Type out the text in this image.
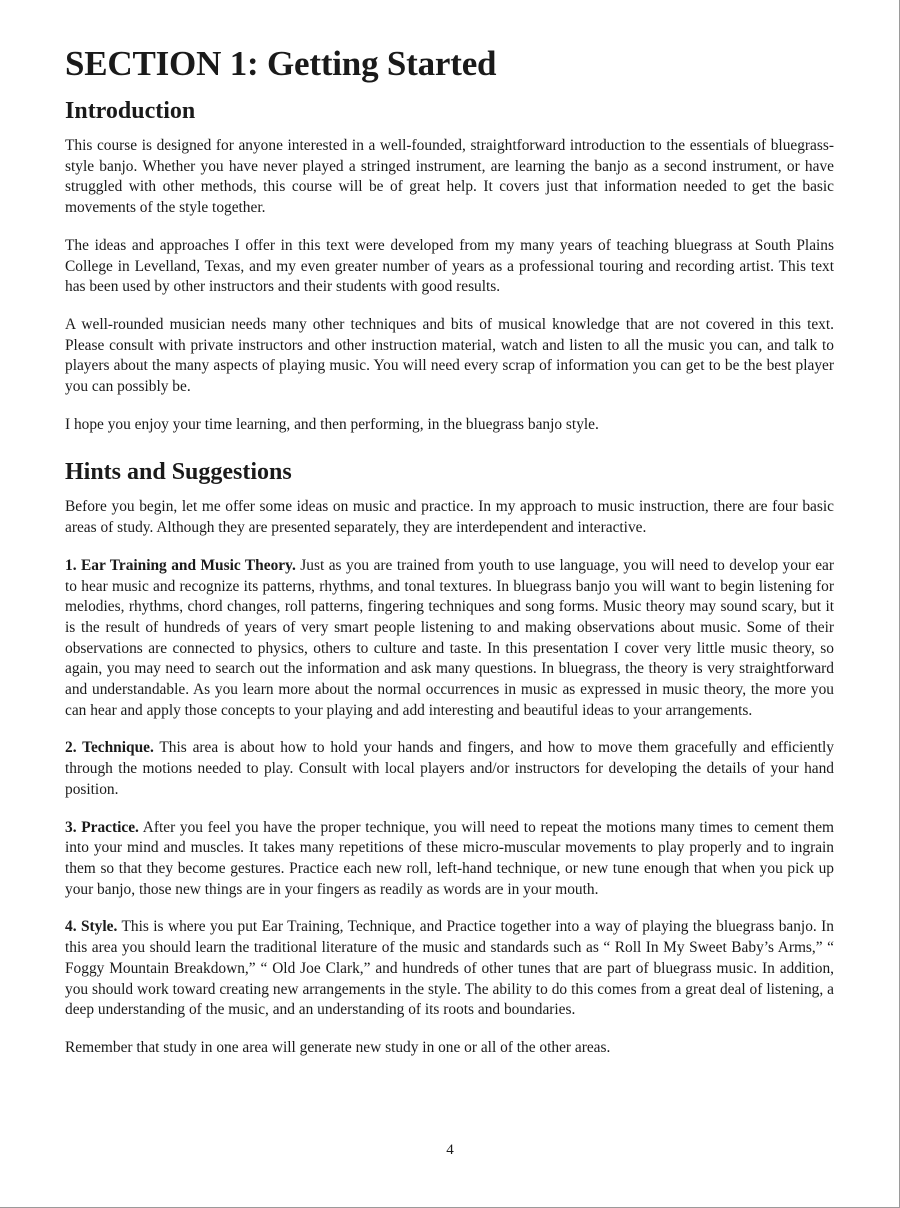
SECTION 1: Getting Started
Introduction

This course is designed for anyone interested in a well-founded, straightforward introduction to the essentials of bluegrass-style banjo. Whether you have never played a stringed instrument, are learning the banjo as a second instrument, or have struggled with other methods, this course will be of great help. It covers just that information needed to get the basic movements of the style together.

The ideas and approaches I offer in this text were developed from my many years of teaching bluegrass at South Plains College in Levelland, Texas, and my even greater number of years as a professional touring and recording artist. This text has been used by other instructors and their students with good results.

A well-rounded musician needs many other techniques and bits of musical knowledge that are not covered in this text. Please consult with private instructors and other instruction material, watch and listen to all the music you can, and talk to players about the many aspects of playing music. You will need every scrap of information you can get to be the best player you can possibly be.

I hope you enjoy your time learning, and then performing, in the bluegrass banjo style.

Hints and Suggestions

Before you begin, let me offer some ideas on music and practice. In my approach to music instruction, there are four basic areas of study. Although they are presented separately, they are interdependent and interactive.

1. Ear Training and Music Theory. Just as you are trained from youth to use language, you will need to develop your ear to hear music and recognize its patterns, rhythms, and tonal textures. In bluegrass banjo you will want to begin listening for melodies, rhythms, chord changes, roll patterns, fingering techniques and song forms. Music theory may sound scary, but it is the result of hundreds of years of very smart people listening to and making observations about music. Some of their observations are connected to physics, others to culture and taste. In this presentation I cover very little music theory, so again, you may need to search out the information and ask many questions. In bluegrass, the theory is very straightforward and understandable. As you learn more about the normal occurrences in music as expressed in music theory, the more you can hear and apply those concepts to your playing and add interesting and beautiful ideas to your arrangements.

2. Technique. This area is about how to hold your hands and fingers, and how to move them gracefully and efficiently through the motions needed to play. Consult with local players and/or instructors for developing the details of your hand position.

3. Practice. After you feel you have the proper technique, you will need to repeat the motions many times to cement them into your mind and muscles. It takes many repetitions of these micro-muscular movements to play properly and to ingrain them so that they become gestures. Practice each new roll, left-hand technique, or new tune enough that when you pick up your banjo, those new things are in your fingers as readily as words are in your mouth.

4. Style. This is where you put Ear Training, Technique, and Practice together into a way of playing the bluegrass banjo. In this area you should learn the traditional literature of the music and standards such as “ Roll In My Sweet Baby’s Arms,” “ Foggy Mountain Breakdown,” “ Old Joe Clark,” and hundreds of other tunes that are part of bluegrass music. In addition, you should work toward creating new arrangements in the style. The ability to do this comes from a great deal of listening, a deep understanding of the music, and an understanding of its roots and boundaries.

Remember that study in one area will generate new study in one or all of the other areas.

4
